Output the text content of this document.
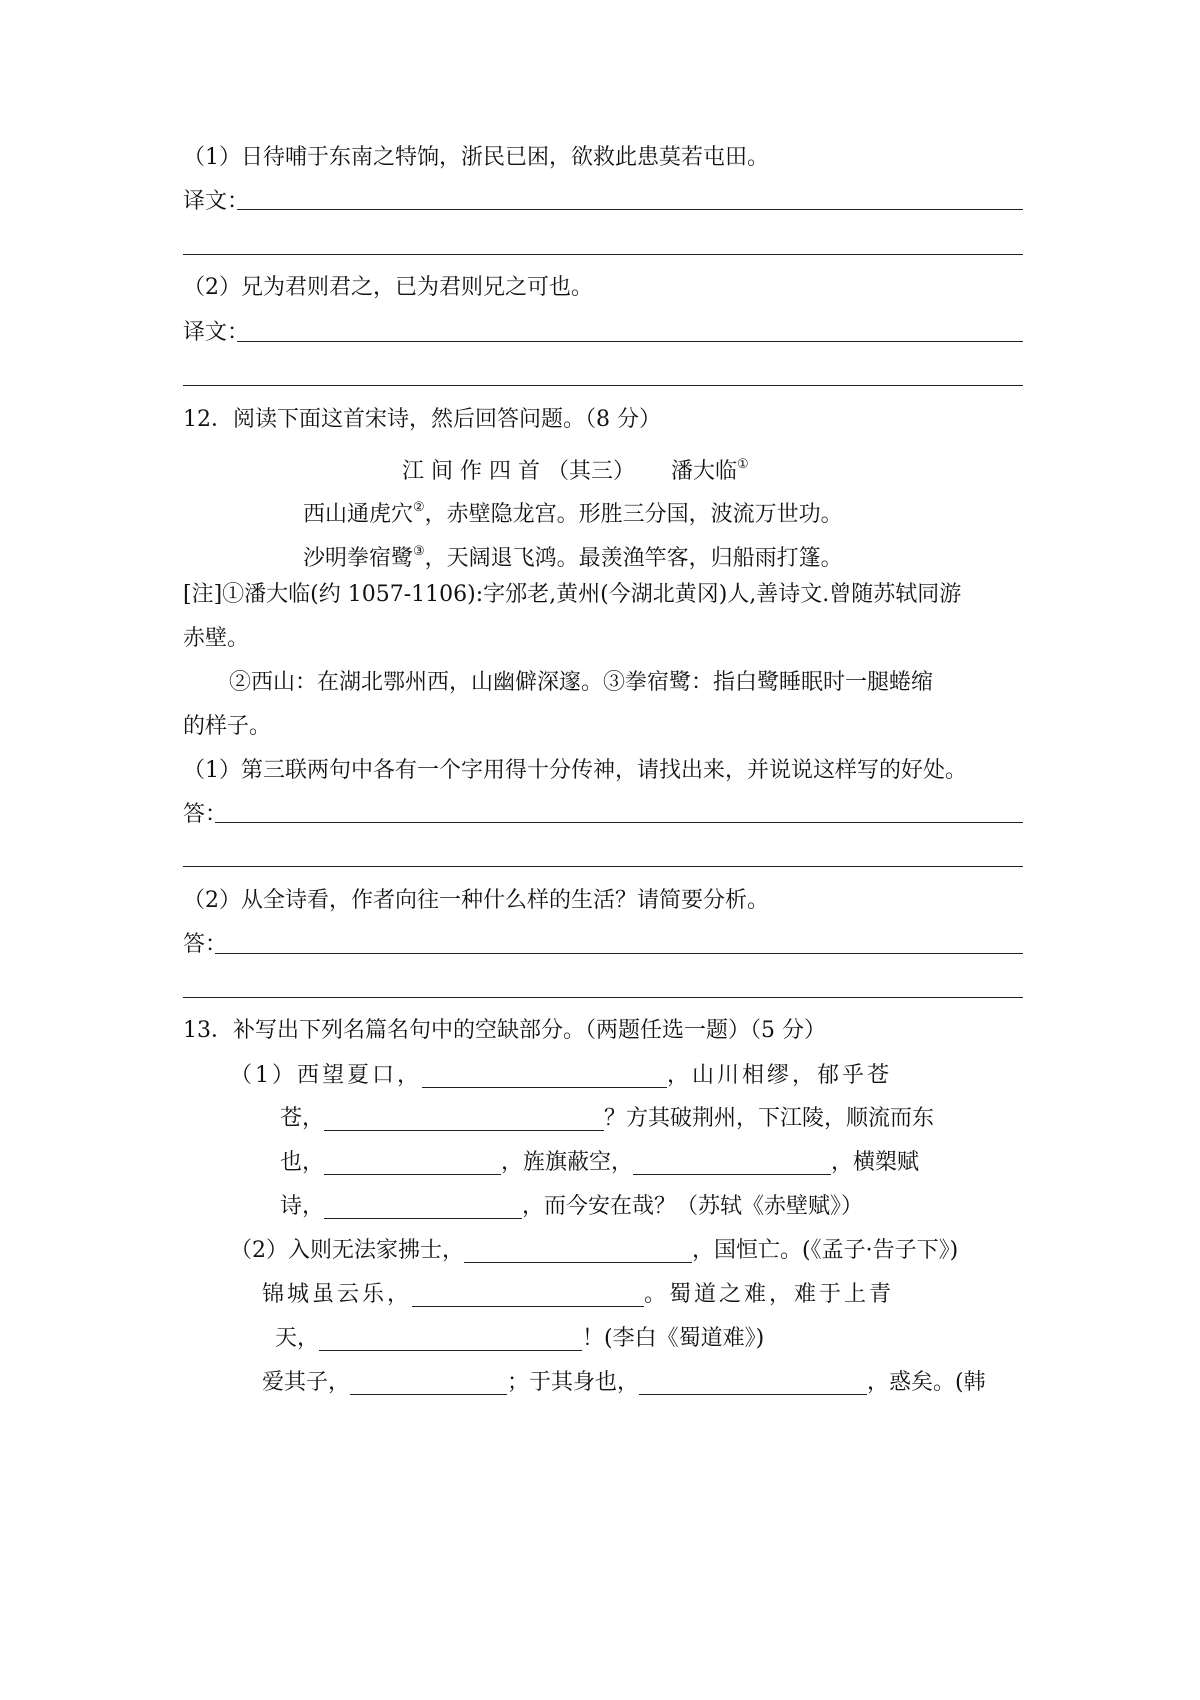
（1）日待哺于东南之特饷，浙民已困，欲救此患莫若屯田。
译文：
（2）兄为君则君之，已为君则兄之可也。
译文：
12．阅读下面这首宋诗，然后回答问题。（8 分）
江 间 作 四 首 （其三） 潘大临①
西山通虎穴②，赤壁隐龙宫。形胜三分国，波流万世功。
沙明拳宿鹭③，天阔退飞鸿。最羡渔竿客，归船雨打篷。
[注]①潘大临(约 1057-1106):字邠老,黄州(今湖北黄冈)人,善诗文.曾随苏轼同游
赤壁。
②西山：在湖北鄂州西，山幽僻深邃。③拳宿鹭：指白鹭睡眠时一腿蜷缩
的样子。
（1）第三联两句中各有一个字用得十分传神，请找出来，并说说这样写的好处。
答：
（2）从全诗看，作者向往一种什么样的生活？请简要分析。
答：
13．补写出下列名篇名句中的空缺部分。（两题任选一题）（5 分）
（1）西望夏口，	，山川相缪，郁乎苍
苍，	？方其破荆州，下江陵，顺流而东
也，	，旌旗蔽空，	，横槊赋
诗，	，而今安在哉？（苏轼《赤壁赋》）
（2）入则无法家拂士，	，国恒亡。(《孟子·告子下》)
锦城虽云乐，	。蜀道之难，难于上青
天，	！(李白《蜀道难》)
爱其子，	；于其身也，	，惑矣。(韩
